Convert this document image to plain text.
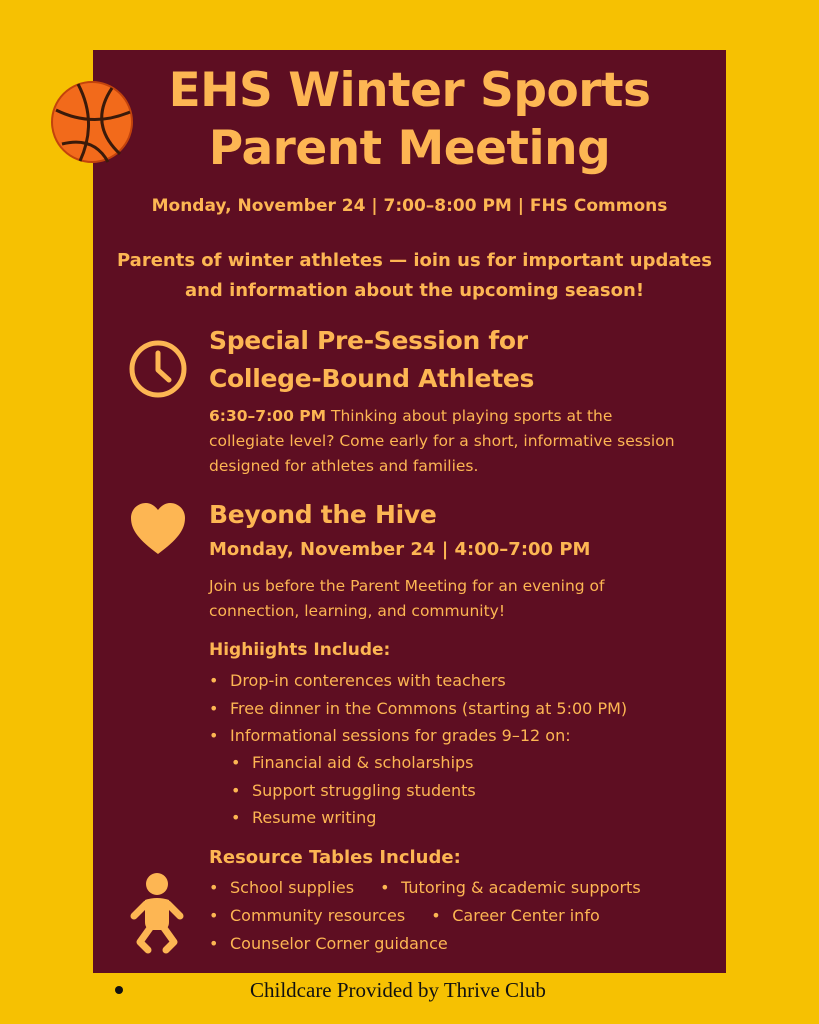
EHS Winter Sports
Parent Meeting
Monday, November 24 | 7:00–8:00 PM | FHS Commons
Parents of winter athletes — ioin us for important updates and information about the upcoming season!
Special Pre-Session for
College-Bound Athletes
6:30–7:00 PM Thinking about playing sports at the collegiate level? Come early for a short, informative session designed for athletes and families.
Beyond the Hive
Monday, November 24 | 4:00–7:00 PM
Join us before the Parent Meeting for an evening of connection, learning, and community!
Highiights Include:
• Drop-in conterences with teachers
• Free dinner in the Commons (starting at 5:00 PM)
• Informational sessions for grades 9–12 on:
• Financial aid & scholarships
• Support struggling students
• Resume writing
Resource Tables Include:
• School supplies	• Tutoring & academic supports
• Community resources	• Career Center info
• Counselor Corner guidance
Childcare Provided by Thrive Club
